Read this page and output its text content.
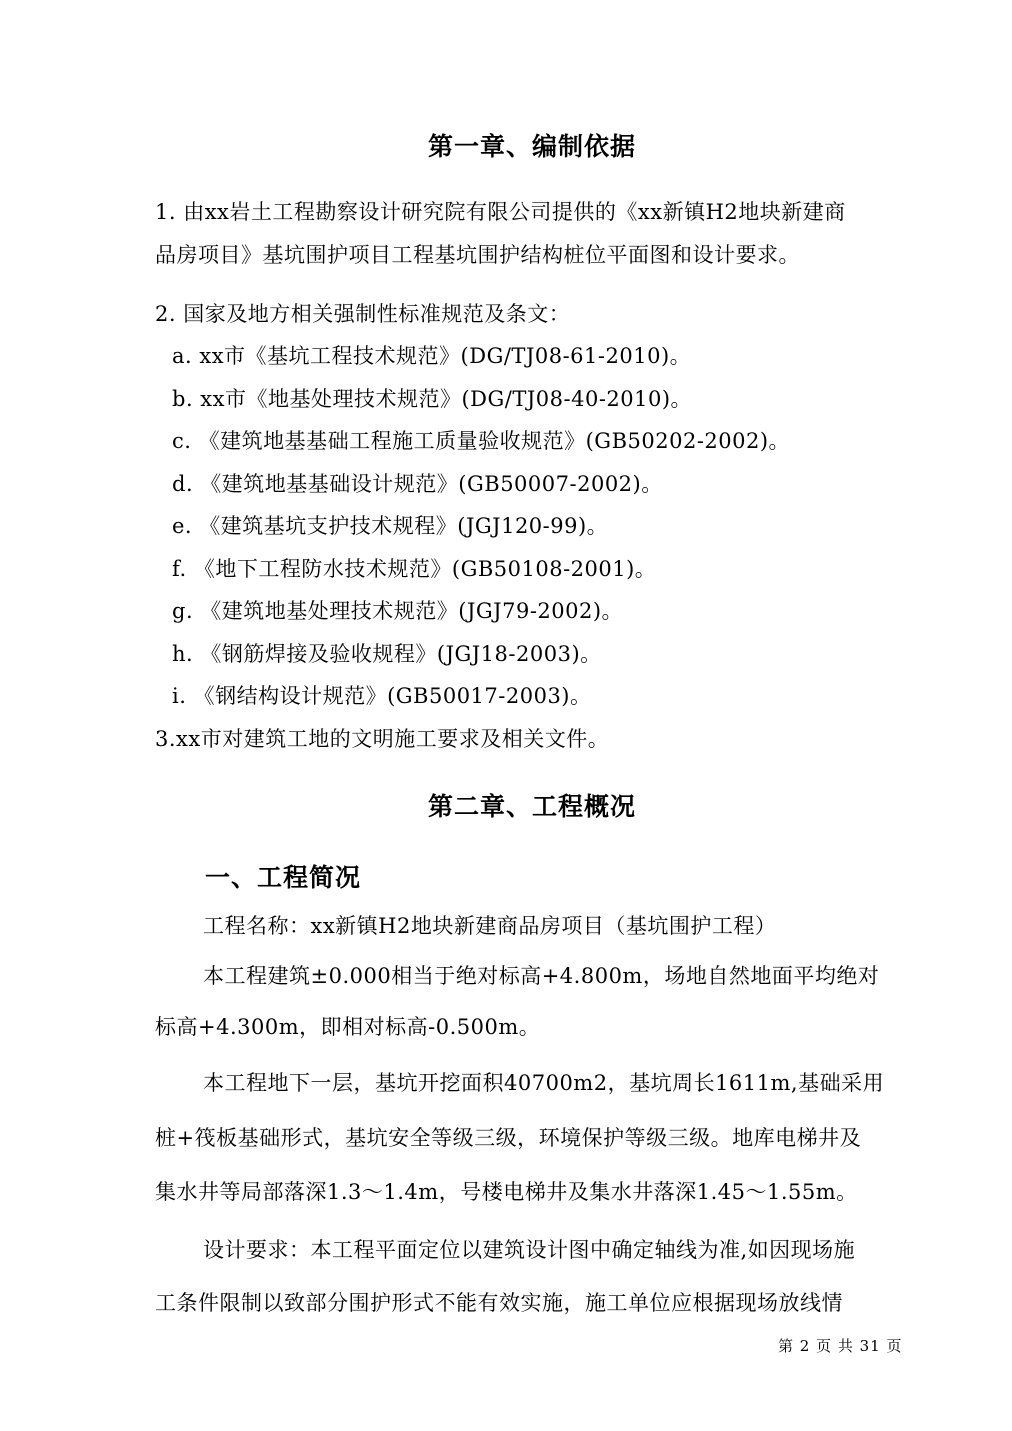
第一章、编制依据
1. 由xx岩土工程勘察设计研究院有限公司提供的《xx新镇H2地块新建商
品房项目》基坑围护项目工程基坑围护结构桩位平面图和设计要求。
2. 国家及地方相关强制性标准规范及条文：
a. xx市《基坑工程技术规范》(DG/TJ08-61-2010)。
b. xx市《地基处理技术规范》(DG/TJ08-40-2010)。
c. 《建筑地基基础工程施工质量验收规范》(GB50202-2002)。
d. 《建筑地基基础设计规范》(GB50007-2002)。
e. 《建筑基坑支护技术规程》(JGJ120-99)。
f. 《地下工程防水技术规范》(GB50108-2001)。
g. 《建筑地基处理技术规范》(JGJ79-2002)。
h. 《钢筋焊接及验收规程》(JGJ18-2003)。
i. 《钢结构设计规范》(GB50017-2003)。
3.xx市对建筑工地的文明施工要求及相关文件。
第二章、工程概况
一、工程简况
工程名称：xx新镇H2地块新建商品房项目（基坑围护工程）
本工程建筑±0.000相当于绝对标高+4.800m，场地自然地面平均绝对
标高+4.300m，即相对标高-0.500m。
本工程地下一层，基坑开挖面积40700m2，基坑周长1611m,基础采用
桩+筏板基础形式，基坑安全等级三级，环境保护等级三级。地库电梯井及
集水井等局部落深1.3～1.4m，号楼电梯井及集水井落深1.45～1.55m。
设计要求：本工程平面定位以建筑设计图中确定轴线为准,如因现场施
工条件限制以致部分围护形式不能有效实施，施工单位应根据现场放线情
第 2 页 共 31 页
